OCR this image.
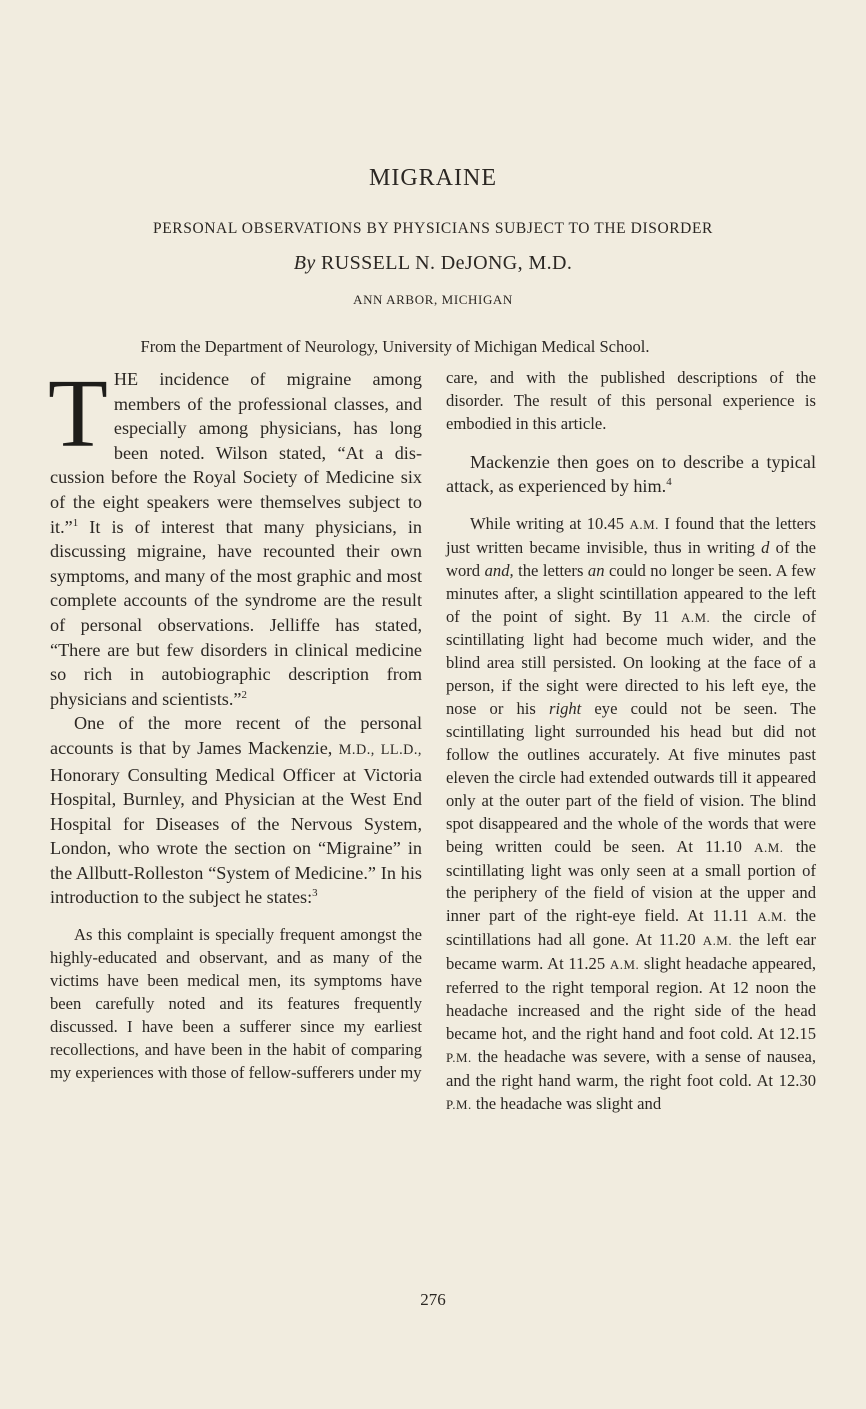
MIGRAINE
PERSONAL OBSERVATIONS BY PHYSICIANS SUBJECT TO THE DISORDER
By RUSSELL N. DeJONG, M.D.
ANN ARBOR, MICHIGAN
From the Department of Neurology, University of Michigan Medical School.

THE incidence of migraine among members of the professional classes, and especially among physicians, has long been noted. Wilson stated, “At a discussion before the Royal Society of Medicine six of the eight speakers were themselves subject to it.”$^1$ It is of interest that many physicians, in discussing migraine, have recounted their own symptoms, and many of the most graphic and most complete accounts of the syndrome are the result of personal observations. Jelliffe has stated, “There are but few disorders in clinical medicine so rich in autobiographic description from physicians and scientists.”$^2$

One of the more recent of the personal accounts is that by James Mackenzie, M.D., LL.D., Honorary Consulting Medical Officer at Victoria Hospital, Burnley, and Physician at the West End Hospital for Diseases of the Nervous System, London, who wrote the section on “Migraine” in the Allbutt-Rolleston “System of Medicine.” In his introduction to the subject he states:$^3$

As this complaint is specially frequent amongst the highly-educated and observant, and as many of the victims have been medical men, its symptoms have been carefully noted and its features frequently discussed. I have been a sufferer since my earliest recollections, and have been in the habit of comparing my experiences with those of fellow-sufferers under my

care, and with the published descriptions of the disorder. The result of this personal experience is embodied in this article.

Mackenzie then goes on to describe a typical attack, as experienced by him.$^4$

While writing at 10.45 A.M. I found that the letters just written became invisible, thus in writing d of the word and, the letters an could no longer be seen. A few minutes after, a slight scintillation appeared to the left of the point of sight. By 11 A.M. the circle of scintillating light had become much wider, and the blind area still persisted. On looking at the face of a person, if the sight were directed to his left eye, the nose or his right eye could not be seen. The scintillating light surrounded his head but did not follow the outlines accurately. At five minutes past eleven the circle had extended outwards till it appeared only at the outer part of the field of vision. The blind spot disappeared and the whole of the words that were being written could be seen. At 11.10 A.M. the scintillating light was only seen at a small portion of the periphery of the field of vision at the upper and inner part of the right-eye field. At 11.11 A.M. the scintillations had all gone. At 11.20 A.M. the left ear became warm. At 11.25 A.M. slight headache appeared, referred to the right temporal region. At 12 noon the headache increased and the right side of the head became hot, and the right hand and foot cold. At 12.15 P.M. the headache was severe, with a sense of nausea, and the right hand warm, the right foot cold. At 12.30 P.M. the headache was slight and

276
